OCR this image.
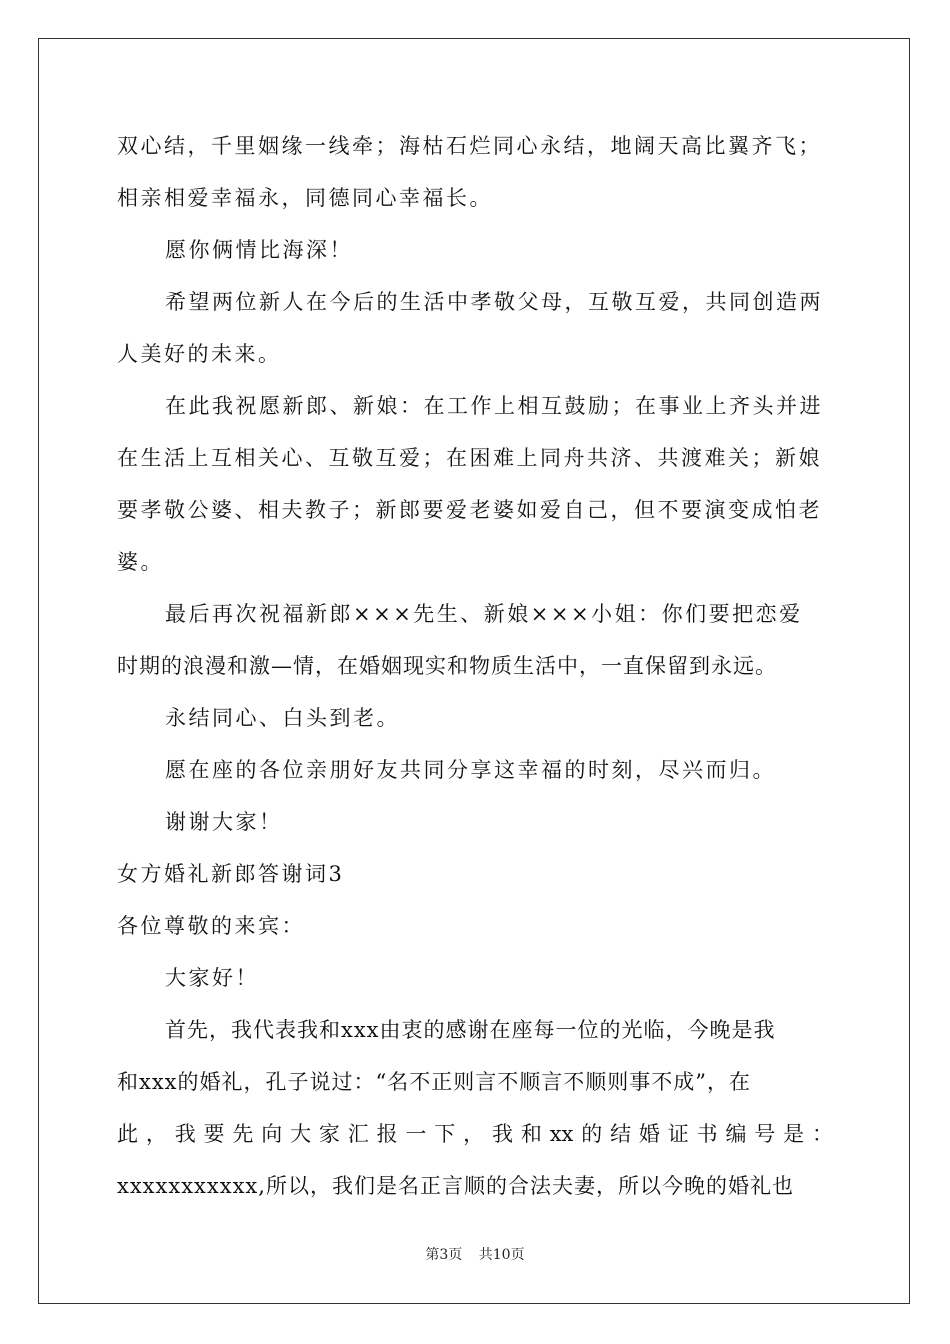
双心结，千里姻缘一线牵；海枯石烂同心永结，地阔天高比翼齐飞；
相亲相爱幸福永，同德同心幸福长。
愿你俩情比海深！
希望两位新人在今后的生活中孝敬父母，互敬互爱，共同创造两
人美好的未来。
在此我祝愿新郎、新娘：在工作上相互鼓励；在事业上齐头并进
在生活上互相关心、互敬互爱；在困难上同舟共济、共渡难关；新娘
要孝敬公婆、相夫教子；新郎要爱老婆如爱自己，但不要演变成怕老
婆。
最后再次祝福新郎×××先生、新娘×××小姐：你们要把恋爱
时期的浪漫和激—情，在婚姻现实和物质生活中，一直保留到永远。
永结同心、白头到老。
愿在座的各位亲朋好友共同分享这幸福的时刻，尽兴而归。
谢谢大家！
女方婚礼新郎答谢词3
各位尊敬的来宾：
大家好！
首先，我代表我和xxx由衷的感谢在座每一位的光临，今晚是我
和xxx的婚礼，孔子说过：“名不正则言不顺言不顺则事不成”，在
此，我要先向大家汇报一下，我和xx的结婚证书编号是：
xxxxxxxxxxx,所以，我们是名正言顺的合法夫妻，所以今晚的婚礼也
第3页 共10页
